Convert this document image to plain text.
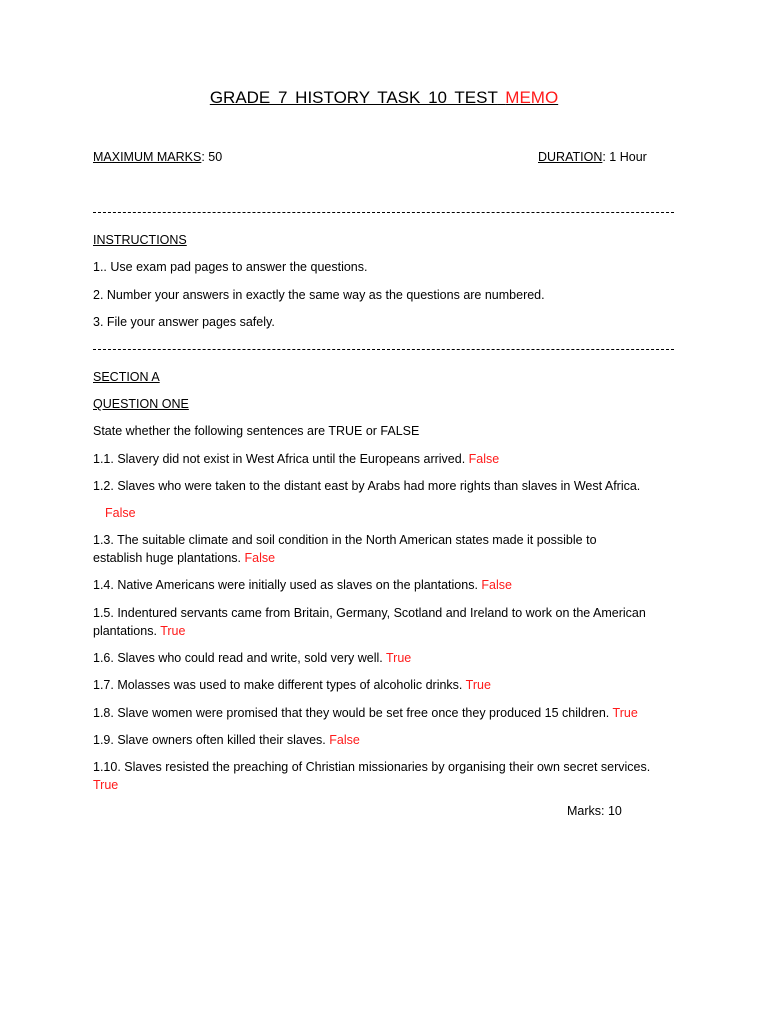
GRADE 7 HISTORY TASK 10 TEST MEMO
MAXIMUM MARKS: 50	DURATION: 1 Hour
INSTRUCTIONS
1.. Use exam pad pages to answer the questions.
2. Number your answers in exactly the same way as the questions are numbered.
3. File your answer pages safely.
SECTION A
QUESTION ONE
State whether the following sentences are TRUE or FALSE
1.1. Slavery did not exist in West Africa until the Europeans arrived. False
1.2. Slaves who were taken to the distant east by Arabs had more rights than slaves in West Africa.
False
1.3. The suitable climate and soil condition in the North American states made it possible to
establish huge plantations. False
1.4. Native Americans were initially used as slaves on the plantations. False
1.5. Indentured servants came from Britain, Germany, Scotland and Ireland to work on the American
plantations. True
1.6. Slaves who could read and write, sold very well. True
1.7. Molasses was used to make different types of alcoholic drinks. True
1.8. Slave women were promised that they would be set free once they produced 15 children. True
1.9. Slave owners often killed their slaves. False
1.10. Slaves resisted the preaching of Christian missionaries by organising their own secret services.
True
Marks: 10
